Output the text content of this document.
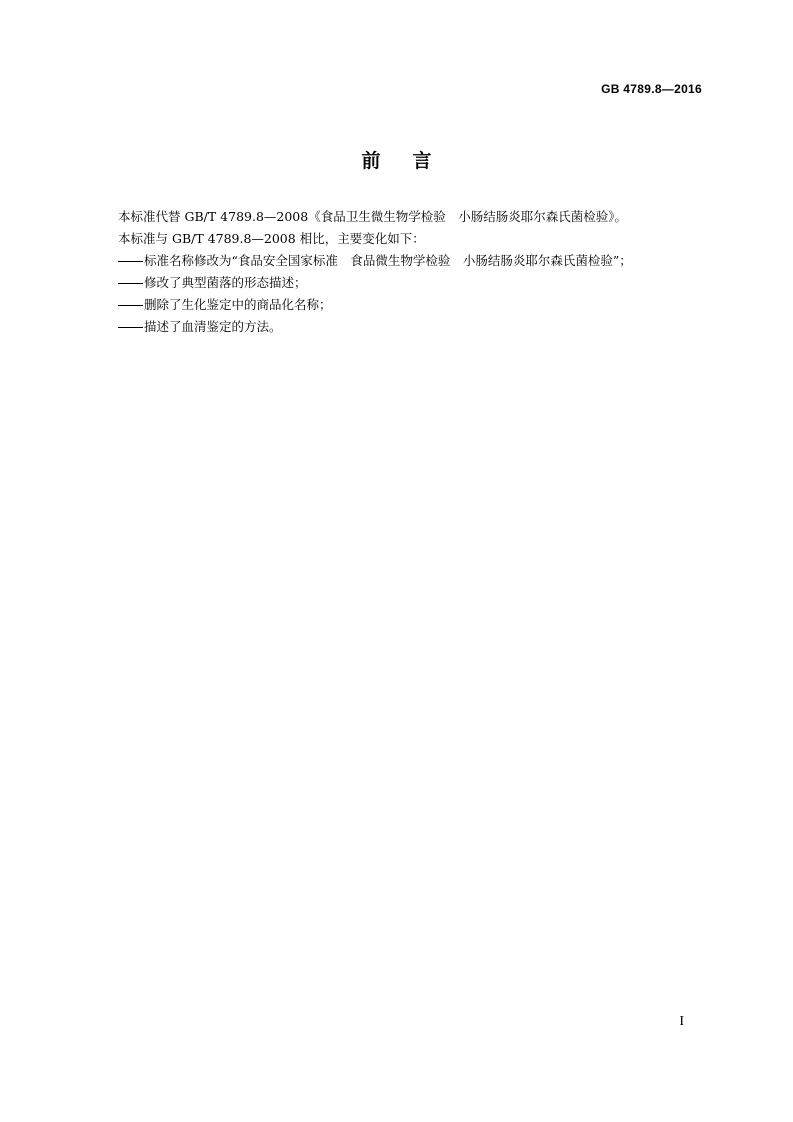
GB 4789.8—2016
前言

本标准代替 GB/T 4789.8—2008《食品卫生微生物学检验　小肠结肠炎耶尔森氏菌检验》。

本标准与 GB/T 4789.8—2008 相比，主要变化如下：

标准名称修改为“食品安全国家标准　食品微生物学检验　小肠结肠炎耶尔森氏菌检验”；
修改了典型菌落的形态描述；
删除了生化鉴定中的商品化名称；
描述了血清鉴定的方法。
I
